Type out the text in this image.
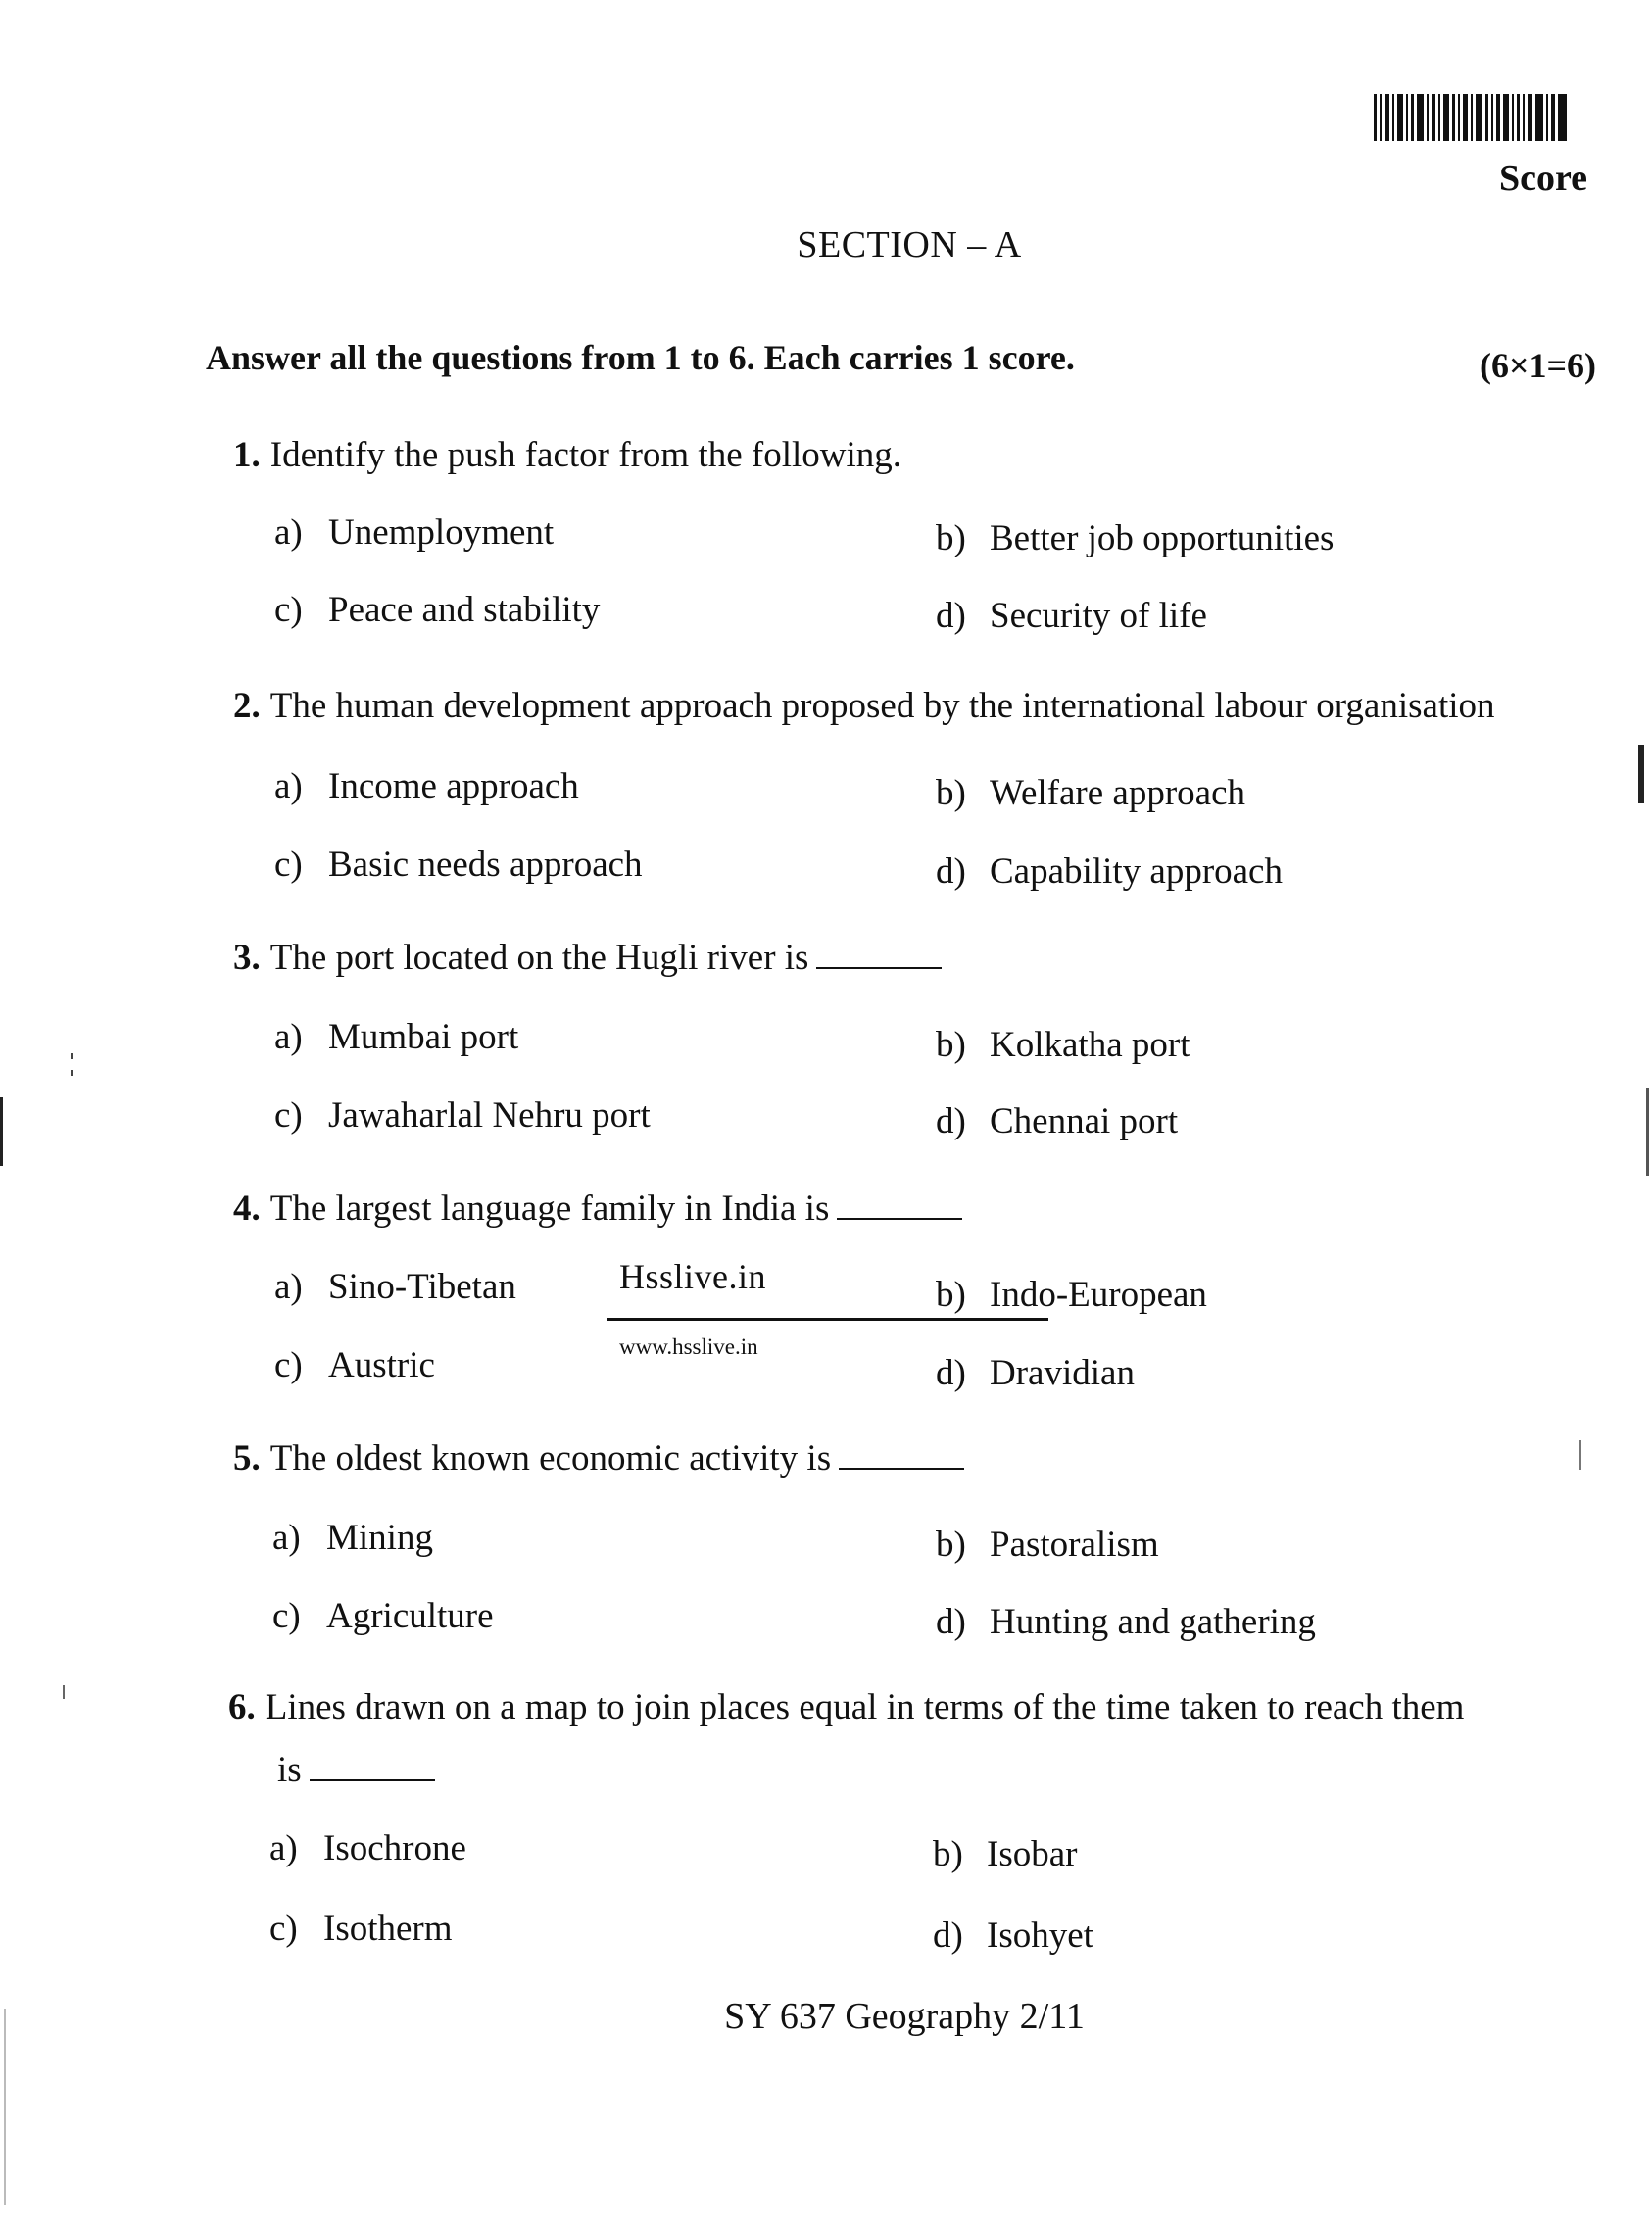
Score
SECTION – A
Answer all the questions from 1 to 6. Each carries 1 score.	(6×1=6)
1. Identify the push factor from the following.
a) Unemployment	b) Better job opportunities
c) Peace and stability	d) Security of life
2. The human development approach proposed by the international labour organisation
a) Income approach	b) Welfare approach
c) Basic needs approach	d) Capability approach
3. The port located on the Hugli river is
a) Mumbai port	b) Kolkatha port
c) Jawaharlal Nehru port	d) Chennai port
4. The largest language family in India is
a) Sino-Tibetan	b) Indo-European
c) Austric	d) Dravidian
Hsslive.in
www.hsslive.in
5. The oldest known economic activity is
a) Mining	b) Pastoralism
c) Agriculture	d) Hunting and gathering
6. Lines drawn on a map to join places equal in terms of the time taken to reach them
is
a) Isochrone	b) Isobar
c) Isotherm	d) Isohyet
SY 637 Geography 2/11
